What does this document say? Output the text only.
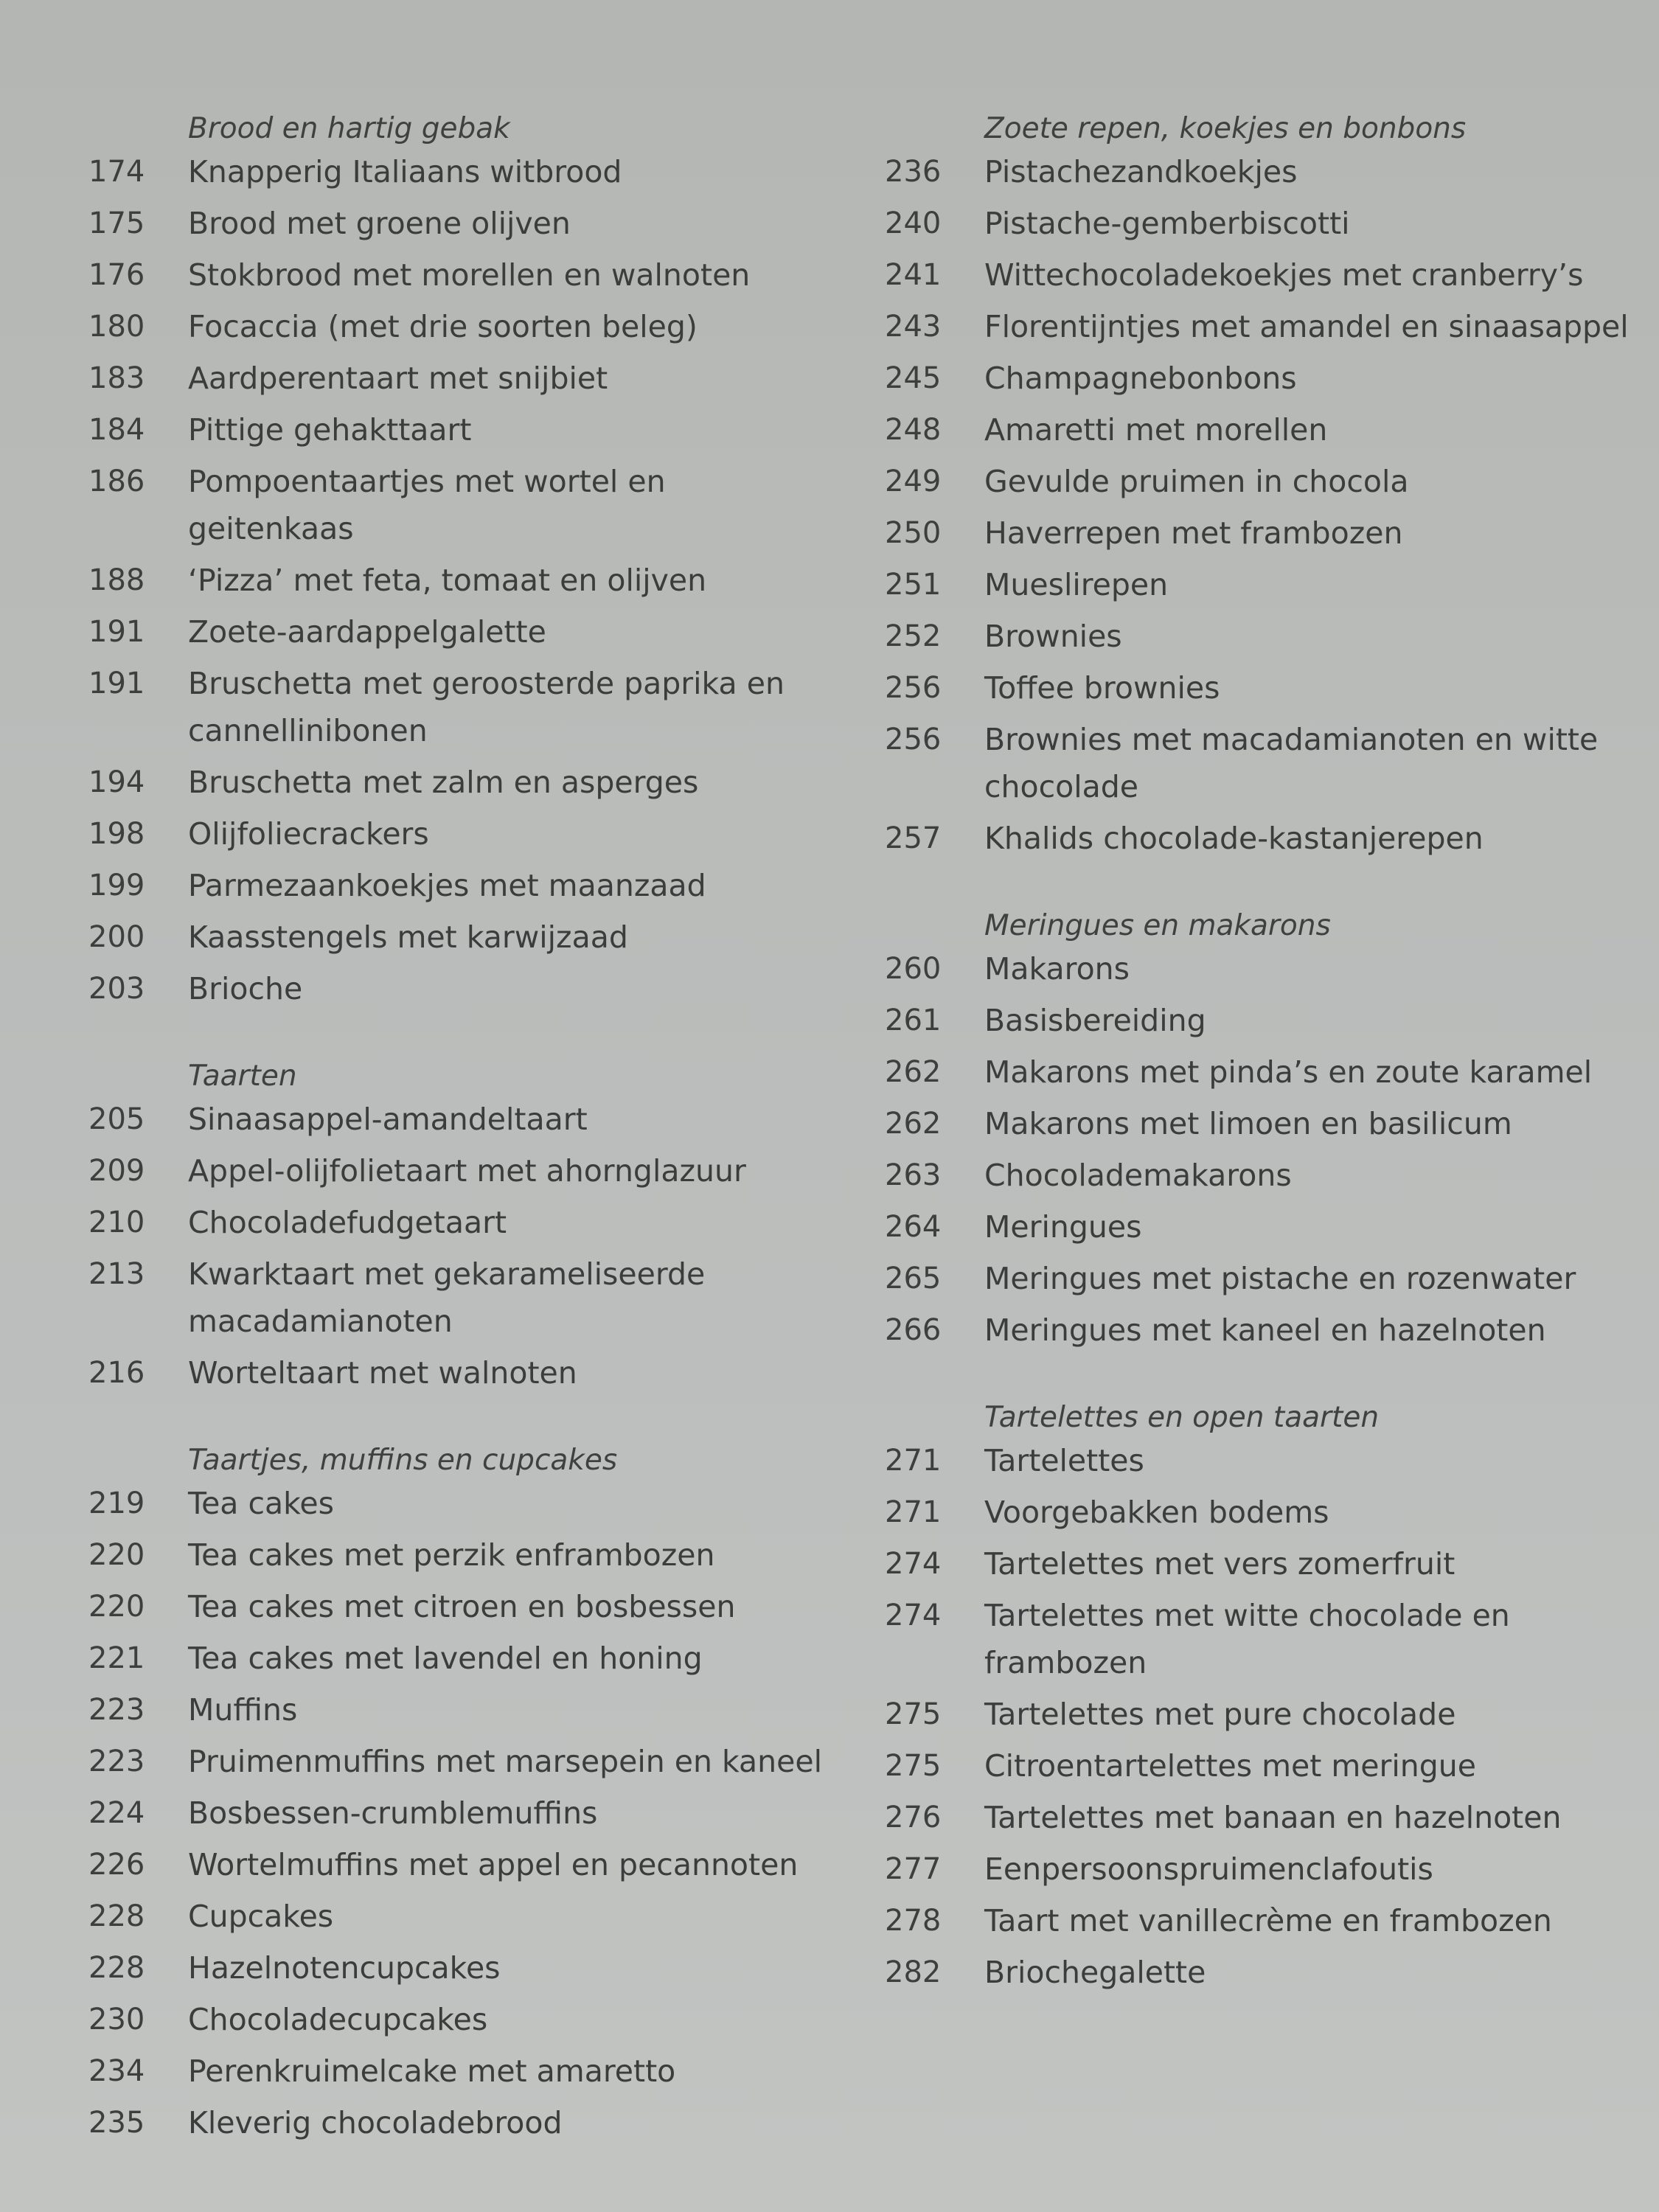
Brood en hartig gebak
174	Knapperig Italiaans witbrood
175	Brood met groene olijven
176	Stokbrood met morellen en walnoten
180	Focaccia (met drie soorten beleg)
183	Aardperentaart met snijbiet
184	Pittige gehakttaart
186	Pompoentaartjes met wortel en geitenkaas
188	‘Pizza’ met feta, tomaat en olijven
191	Zoete-aardappelgalette
191	Bruschetta met geroosterde paprika en cannellinibonen
194	Bruschetta met zalm en asperges
198	Olijfoliecrackers
199	Parmezaankoekjes met maanzaad
200	Kaasstengels met karwijzaad
203	Brioche
Taarten
205	Sinaasappel-amandeltaart
209	Appel-olijfolietaart met ahornglazuur
210	Chocoladefudgetaart
213	Kwarktaart met gekarameliseerde macadamianoten
216	Worteltaart met walnoten
Taartjes, muffins en cupcakes
219	Tea cakes
220	Tea cakes met perzik enframbozen
220	Tea cakes met citroen en bosbessen
221	Tea cakes met lavendel en honing
223	Muffins
223	Pruimenmuffins met marsepein en kaneel
224	Bosbessen-crumblemuffins
226	Wortelmuffins met appel en pecannoten
228	Cupcakes
228	Hazelnotencupcakes
230	Chocoladecupcakes
234	Perenkruimelcake met amaretto
235	Kleverig chocoladebrood
Zoete repen, koekjes en bonbons
236	Pistachezandkoekjes
240	Pistache-gemberbiscotti
241	Wittechocoladekoekjes met cranberry’s
243	Florentijntjes met amandel en sinaasappel
245	Champagnebonbons
248	Amaretti met morellen
249	Gevulde pruimen in chocola
250	Haverrepen met frambozen
251	Mueslirepen
252	Brownies
256	Toffee brownies
256	Brownies met macadamianoten en witte chocolade
257	Khalids chocolade-kastanjerepen
Meringues en makarons
260	Makarons
261	Basisbereiding
262	Makarons met pinda’s en zoute karamel
262	Makarons met limoen en basilicum
263	Chocolademakarons
264	Meringues
265	Meringues met pistache en rozenwater
266	Meringues met kaneel en hazelnoten
Tartelettes en open taarten
271	Tartelettes
271	Voorgebakken bodems
274	Tartelettes met vers zomerfruit
274	Tartelettes met witte chocolade en frambozen
275	Tartelettes met pure chocolade
275	Citroentartelettes met meringue
276	Tartelettes met banaan en hazelnoten
277	Eenpersoonspruimenclafoutis
278	Taart met vanillecrème en frambozen
282	Briochegalette
